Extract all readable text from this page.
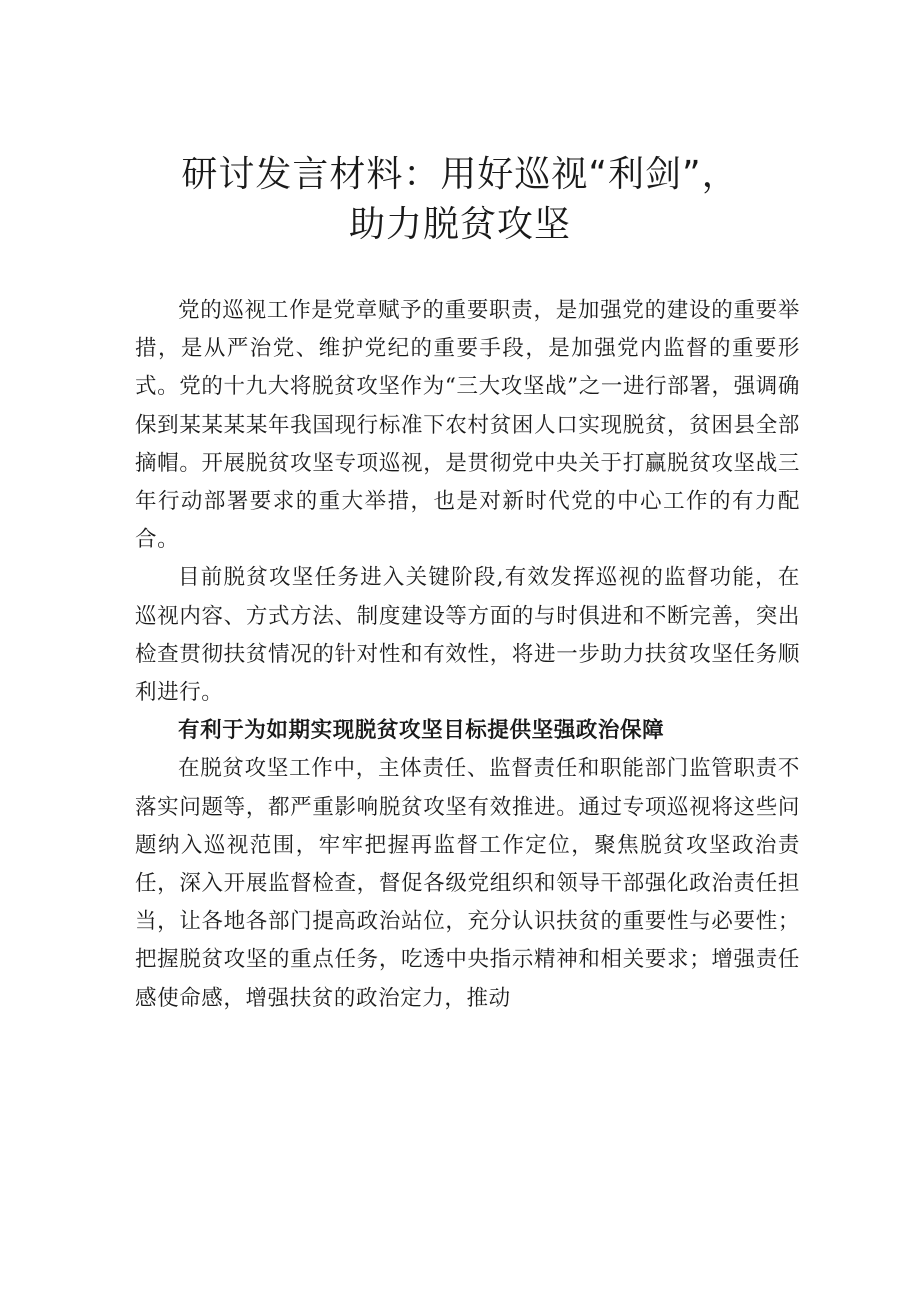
研讨发言材料：用好巡视“利剑”，
助力脱贫攻坚

党的巡视工作是党章赋予的重要职责，是加强党的建设的重要举措，是从严治党、维护党纪的重要手段，是加强党内监督的重要形式。党的十九大将脱贫攻坚作为“三大攻坚战”之一进行部署，强调确保到某某某某年我国现行标准下农村贫困人口实现脱贫，贫困县全部摘帽。开展脱贫攻坚专项巡视，是贯彻党中央关于打赢脱贫攻坚战三年行动部署要求的重大举措，也是对新时代党的中心工作的有力配合。

目前脱贫攻坚任务进入关键阶段,有效发挥巡视的监督功能，在巡视内容、方式方法、制度建设等方面的与时俱进和不断完善，突出检查贯彻扶贫情况的针对性和有效性，将进一步助力扶贫攻坚任务顺利进行。

有利于为如期实现脱贫攻坚目标提供坚强政治保障

在脱贫攻坚工作中，主体责任、监督责任和职能部门监管职责不落实问题等，都严重影响脱贫攻坚有效推进。通过专项巡视将这些问题纳入巡视范围，牢牢把握再监督工作定位，聚焦脱贫攻坚政治责任，深入开展监督检查，督促各级党组织和领导干部强化政治责任担当，让各地各部门提高政治站位，充分认识扶贫的重要性与必要性；把握脱贫攻坚的重点任务，吃透中央指示精神和相关要求；增强责任感使命感，增强扶贫的政治定力，推动
